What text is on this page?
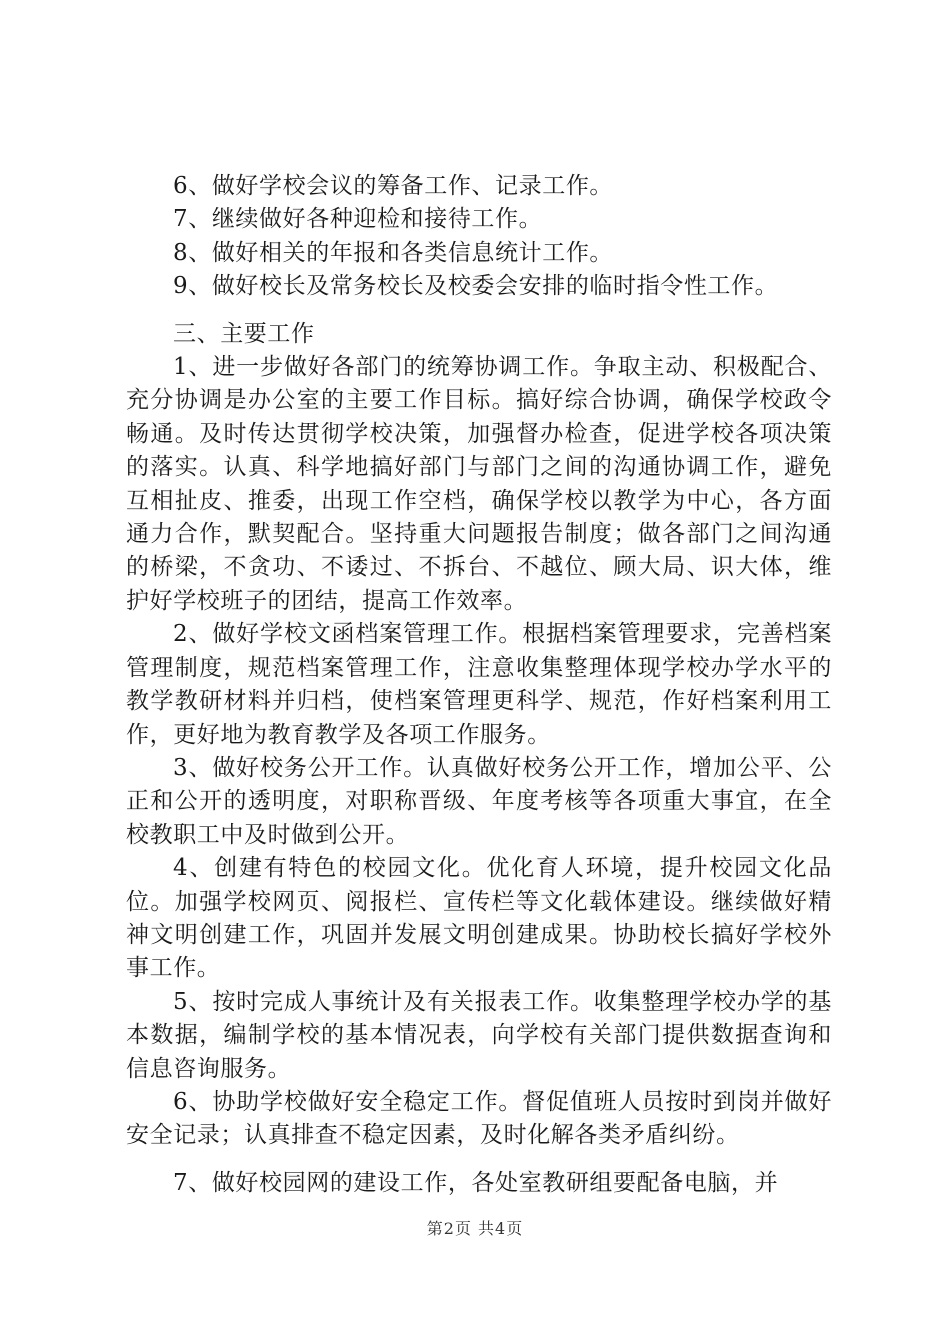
6、做好学校会议的筹备工作、记录工作。
7、继续做好各种迎检和接待工作。
8、做好相关的年报和各类信息统计工作。
9、做好校长及常务校长及校委会安排的临时指令性工作。
三、主要工作

1、进一步做好各部门的统筹协调工作。争取主动、积极配合、充分协调是办公室的主要工作目标。搞好综合协调，确保学校政令畅通。及时传达贯彻学校决策，加强督办检查，促进学校各项决策的落实。认真、科学地搞好部门与部门之间的沟通协调工作，避免互相扯皮、推委，出现工作空档，确保学校以教学为中心，各方面通力合作，默契配合。坚持重大问题报告制度；做各部门之间沟通的桥梁，不贪功、不诿过、不拆台、不越位、顾大局、识大体，维护好学校班子的团结，提高工作效率。

2、做好学校文函档案管理工作。根据档案管理要求，完善档案管理制度，规范档案管理工作，注意收集整理体现学校办学水平的教学教研材料并归档，使档案管理更科学、规范，作好档案利用工作，更好地为教育教学及各项工作服务。

3、做好校务公开工作。认真做好校务公开工作，增加公平、公正和公开的透明度，对职称晋级、年度考核等各项重大事宜，在全校教职工中及时做到公开。

4、创建有特色的校园文化。优化育人环境，提升校园文化品位。加强学校网页、阅报栏、宣传栏等文化载体建设。继续做好精神文明创建工作，巩固并发展文明创建成果。协助校长搞好学校外事工作。

5、按时完成人事统计及有关报表工作。收集整理学校办学的基本数据，编制学校的基本情况表，向学校有关部门提供数据查询和信息咨询服务。

6、协助学校做好安全稳定工作。督促值班人员按时到岗并做好安全记录；认真排查不稳定因素，及时化解各类矛盾纠纷。

7、做好校园网的建设工作，各处室教研组要配备电脑，并

第2页 共4页
